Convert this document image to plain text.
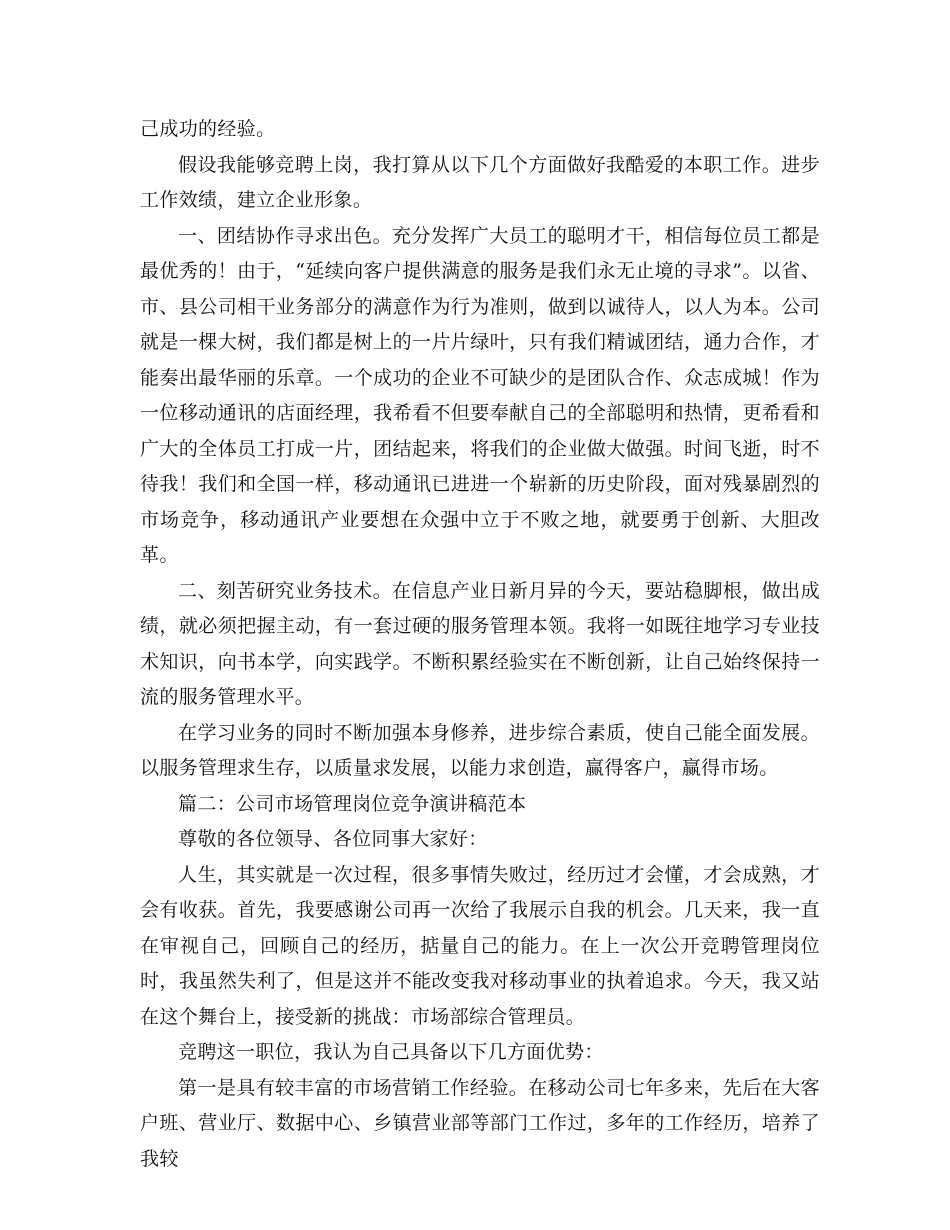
己成功的经验。

假设我能够竞聘上岗，我打算从以下几个方面做好我酷爱的本职工作。进步工作效绩，建立企业形象。

一、团结协作寻求出色。充分发挥广大员工的聪明才干，相信每位员工都是最优秀的！由于，“延续向客户提供满意的服务是我们永无止境的寻求”。以省、市、县公司相干业务部分的满意作为行为准则，做到以诚待人，以人为本。公司就是一棵大树，我们都是树上的一片片绿叶，只有我们精诚团结，通力合作，才能奏出最华丽的乐章。一个成功的企业不可缺少的是团队合作、众志成城！作为一位移动通讯的店面经理，我希看不但要奉献自己的全部聪明和热情，更希看和广大的全体员工打成一片，团结起来，将我们的企业做大做强。时间飞逝，时不待我！我们和全国一样，移动通讯已进进一个崭新的历史阶段，面对残暴剧烈的市场竞争，移动通讯产业要想在众强中立于不败之地，就要勇于创新、大胆改革。

二、刻苦研究业务技术。在信息产业日新月异的今天，要站稳脚根，做出成绩，就必须把握主动，有一套过硬的服务管理本领。我将一如既往地学习专业技术知识，向书本学，向实践学。不断积累经验实在不断创新，让自己始终保持一流的服务管理水平。

在学习业务的同时不断加强本身修养，进步综合素质，使自己能全面发展。以服务管理求生存，以质量求发展，以能力求创造，赢得客户，赢得市场。

篇二：公司市场管理岗位竞争演讲稿范本

尊敬的各位领导、各位同事大家好：

人生，其实就是一次过程，很多事情失败过，经历过才会懂，才会成熟，才会有收获。首先，我要感谢公司再一次给了我展示自我的机会。几天来，我一直在审视自己，回顾自己的经历，掂量自己的能力。在上一次公开竞聘管理岗位时，我虽然失利了，但是这并不能改变我对移动事业的执着追求。今天，我又站在这个舞台上，接受新的挑战：市场部综合管理员。

竞聘这一职位，我认为自己具备以下几方面优势：

第一是具有较丰富的市场营销工作经验。在移动公司七年多来，先后在大客户班、营业厅、数据中心、乡镇营业部等部门工作过，多年的工作经历，培养了我较
